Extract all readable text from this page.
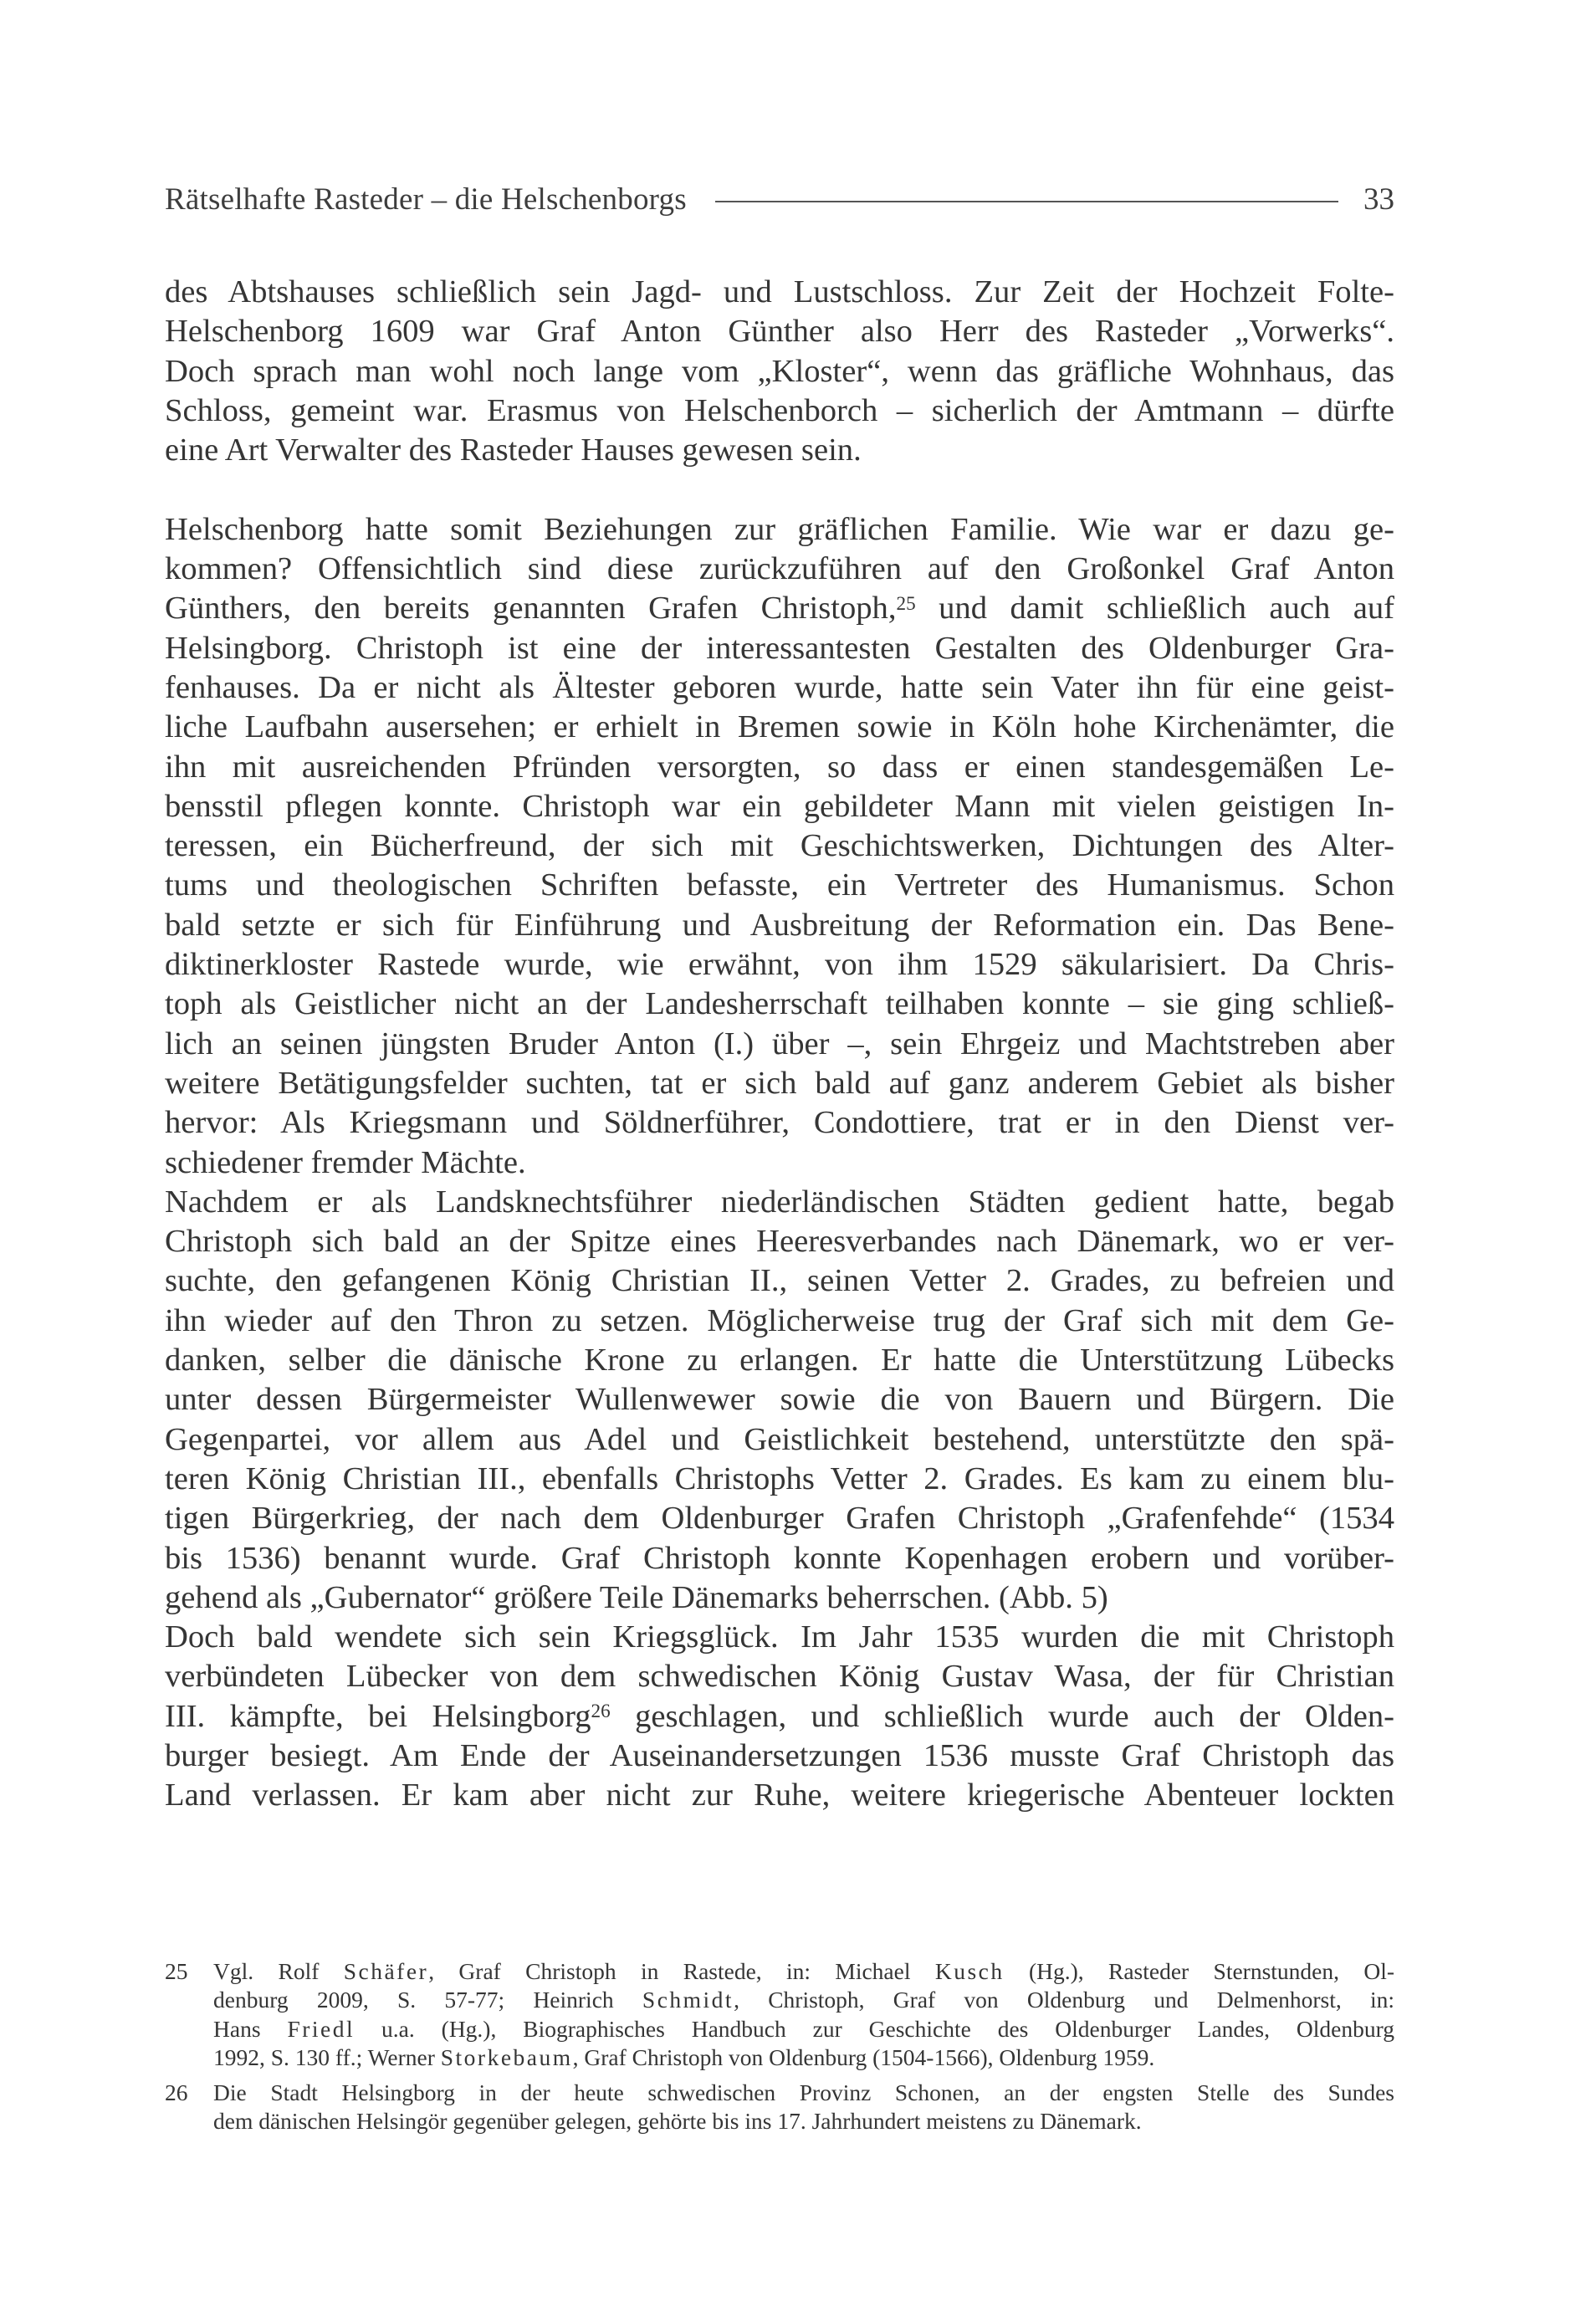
Rätselhafte Rasteder – die Helschenborgs	33
des Abtshauses schließlich sein Jagd- und Lustschloss. Zur Zeit der Hochzeit Folte-
Helschenborg 1609 war Graf Anton Günther also Herr des Rasteder „Vorwerks“.
Doch sprach man wohl noch lange vom „Kloster“, wenn das gräfliche Wohnhaus, das
Schloss, gemeint war. Erasmus von Helschenborch – sicherlich der Amtmann – dürfte
eine Art Verwalter des Rasteder Hauses gewesen sein.
Helschenborg hatte somit Beziehungen zur gräflichen Familie. Wie war er dazu ge-
kommen? Offensichtlich sind diese zurückzuführen auf den Großonkel Graf Anton
Günthers, den bereits genannten Grafen Christoph,$^{25}$ und damit schließlich auch auf
Helsingborg. Christoph ist eine der interessantesten Gestalten des Oldenburger Gra-
fenhauses. Da er nicht als Ältester geboren wurde, hatte sein Vater ihn für eine geist-
liche Laufbahn ausersehen; er erhielt in Bremen sowie in Köln hohe Kirchenämter, die
ihn mit ausreichenden Pfründen versorgten, so dass er einen standesgemäßen Le-
bensstil pflegen konnte. Christoph war ein gebildeter Mann mit vielen geistigen In-
teressen, ein Bücherfreund, der sich mit Geschichtswerken, Dichtungen des Alter-
tums und theologischen Schriften befasste, ein Vertreter des Humanismus. Schon
bald setzte er sich für Einführung und Ausbreitung der Reformation ein. Das Bene-
diktinerkloster Rastede wurde, wie erwähnt, von ihm 1529 säkularisiert. Da Chris-
toph als Geistlicher nicht an der Landesherrschaft teilhaben konnte – sie ging schließ-
lich an seinen jüngsten Bruder Anton (I.) über –, sein Ehrgeiz und Machtstreben aber
weitere Betätigungsfelder suchten, tat er sich bald auf ganz anderem Gebiet als bisher
hervor: Als Kriegsmann und Söldnerführer, Condottiere, trat er in den Dienst ver-
schiedener fremder Mächte.
Nachdem er als Landsknechtsführer niederländischen Städten gedient hatte, begab
Christoph sich bald an der Spitze eines Heeresverbandes nach Dänemark, wo er ver-
suchte, den gefangenen König Christian II., seinen Vetter 2. Grades, zu befreien und
ihn wieder auf den Thron zu setzen. Möglicherweise trug der Graf sich mit dem Ge-
danken, selber die dänische Krone zu erlangen. Er hatte die Unterstützung Lübecks
unter dessen Bürgermeister Wullenwewer sowie die von Bauern und Bürgern. Die
Gegenpartei, vor allem aus Adel und Geistlichkeit bestehend, unterstützte den spä-
teren König Christian III., ebenfalls Christophs Vetter 2. Grades. Es kam zu einem blu-
tigen Bürgerkrieg, der nach dem Oldenburger Grafen Christoph „Grafenfehde“ (1534
bis 1536) benannt wurde. Graf Christoph konnte Kopenhagen erobern und vorüber-
gehend als „Gubernator“ größere Teile Dänemarks beherrschen. (Abb. 5)
Doch bald wendete sich sein Kriegsglück. Im Jahr 1535 wurden die mit Christoph
verbündeten Lübecker von dem schwedischen König Gustav Wasa, der für Christian
III. kämpfte, bei Helsingborg$^{26}$ geschlagen, und schließlich wurde auch der Olden-
burger besiegt. Am Ende der Auseinandersetzungen 1536 musste Graf Christoph das
Land verlassen. Er kam aber nicht zur Ruhe, weitere kriegerische Abenteuer lockten
25	Vgl. Rolf Schäfer, Graf Christoph in Rastede, in: Michael Kusch (Hg.), Rasteder Sternstunden, Ol-
denburg 2009, S. 57-77; Heinrich Schmidt, Christoph, Graf von Oldenburg und Delmenhorst, in:
Hans Friedl u.a. (Hg.), Biographisches Handbuch zur Geschichte des Oldenburger Landes, Oldenburg
1992, S. 130 ff.; Werner Storkebaum, Graf Christoph von Oldenburg (1504-1566), Oldenburg 1959.
26	Die Stadt Helsingborg in der heute schwedischen Provinz Schonen, an der engsten Stelle des Sundes
dem dänischen Helsingör gegenüber gelegen, gehörte bis ins 17. Jahrhundert meistens zu Dänemark.
